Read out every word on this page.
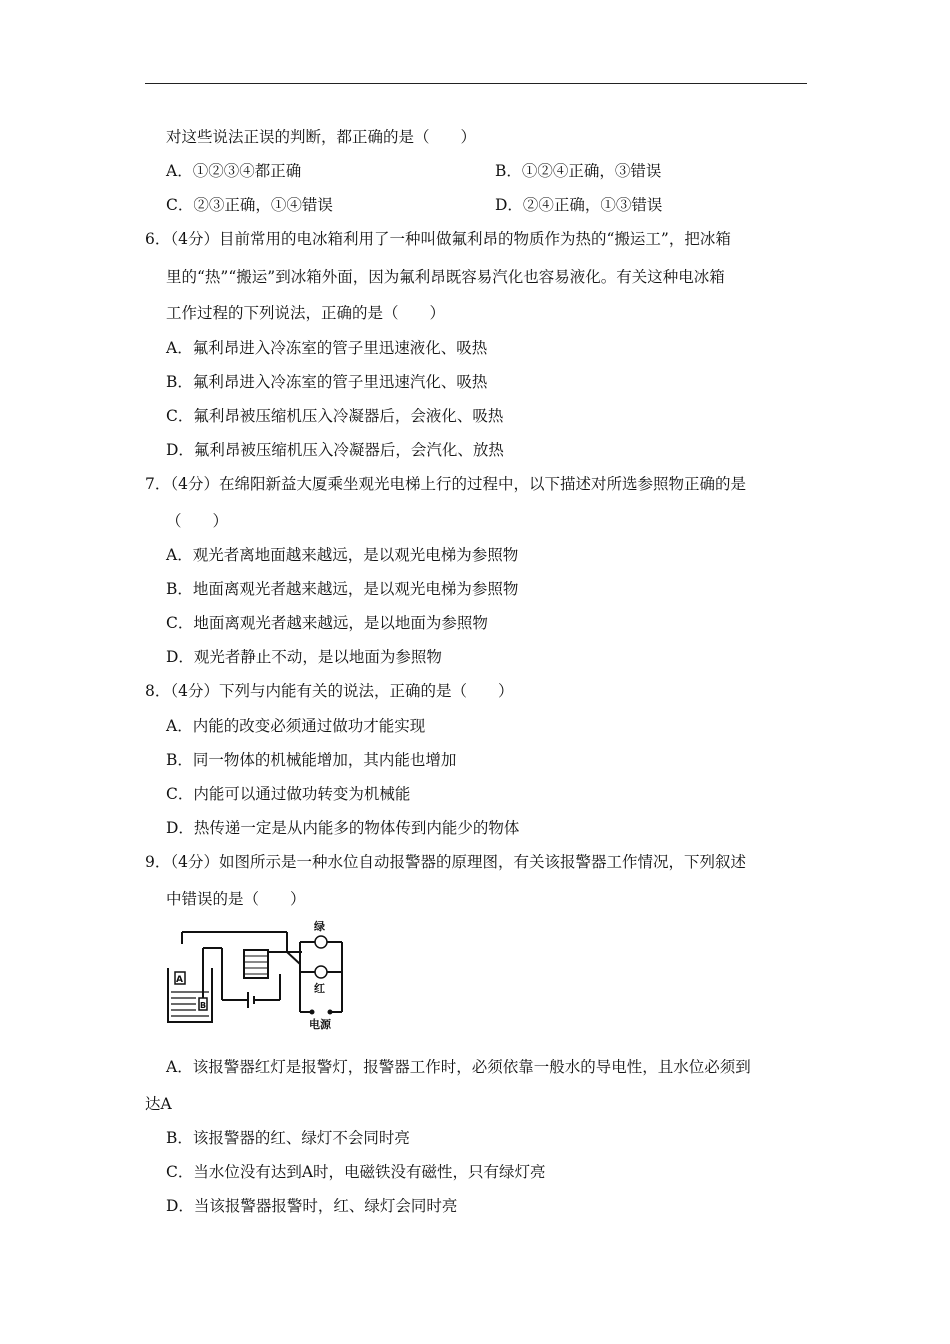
对这些说法正误的判断，都正确的是（　　）
A．①②③④都正确	B．①②④正确，③错误
C．②③正确，①④错误	D．②④正确，①③错误
6．（4分）目前常用的电冰箱利用了一种叫做氟利昂的物质作为热的“搬运工”，把冰箱
里的“热”“搬运”到冰箱外面，因为氟利昂既容易汽化也容易液化。有关这种电冰箱
工作过程的下列说法，正确的是（　　）
A．氟利昂进入冷冻室的管子里迅速液化、吸热
B．氟利昂进入冷冻室的管子里迅速汽化、吸热
C．氟利昂被压缩机压入冷凝器后，会液化、吸热
D．氟利昂被压缩机压入冷凝器后，会汽化、放热
7．（4分）在绵阳新益大厦乘坐观光电梯上行的过程中，以下描述对所选参照物正确的是
（　　）
A．观光者离地面越来越远，是以观光电梯为参照物
B．地面离观光者越来越远，是以观光电梯为参照物
C．地面离观光者越来越远，是以地面为参照物
D．观光者静止不动，是以地面为参照物
8．（4分）下列与内能有关的说法，正确的是（　　）
A．内能的改变必须通过做功才能实现
B．同一物体的机械能增加，其内能也增加
C．内能可以通过做功转变为机械能
D．热传递一定是从内能多的物体传到内能少的物体
9．（4分）如图所示是一种水位自动报警器的原理图，有关该报警器工作情况，下列叙述
中错误的是（　　）
绿
红
电源
A
B
A．该报警器红灯是报警灯，报警器工作时，必须依靠一般水的导电性，且水位必须到
达A
B．该报警器的红、绿灯不会同时亮
C．当水位没有达到A时，电磁铁没有磁性，只有绿灯亮
D．当该报警器报警时，红、绿灯会同时亮
